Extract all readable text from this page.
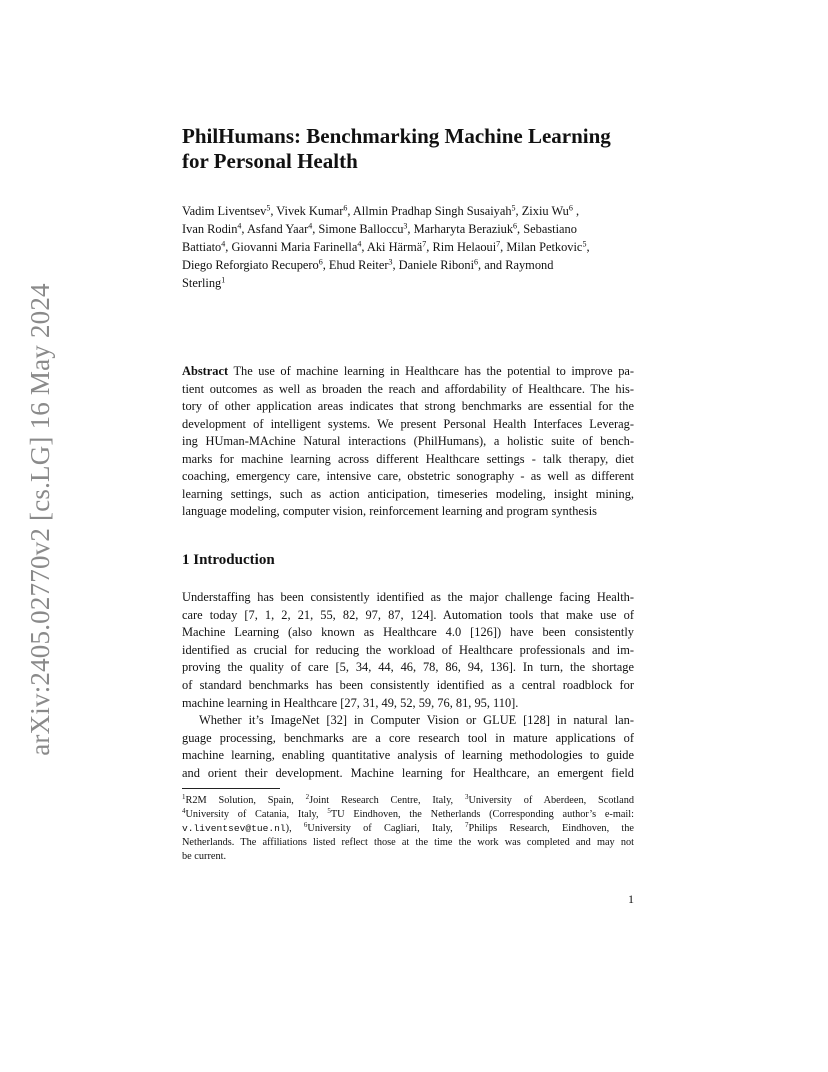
arXiv:2405.02770v2 [cs.LG] 16 May 2024
PhilHumans: Benchmarking Machine Learning
for Personal Health
Vadim Liventsev$^5$, Vivek Kumar$^6$, Allmin Pradhap Singh Susaiyah$^5$, Zixiu Wu$^6$ ,
Ivan Rodin$^4$, Asfand Yaar$^4$, Simone Balloccu$^3$, Marharyta Beraziuk$^6$, Sebastiano
Battiato$^4$, Giovanni Maria Farinella$^4$, Aki Härmä$^7$, Rim Helaoui$^7$, Milan Petkovic$^5$,
Diego Reforgiato Recupero$^6$, Ehud Reiter$^3$, Daniele Riboni$^6$, and Raymond
Sterling$^1$
Abstract The use of machine learning in Healthcare has the potential to improve pa-
tient outcomes as well as broaden the reach and affordability of Healthcare. The his-
tory of other application areas indicates that strong benchmarks are essential for the
development of intelligent systems. We present Personal Health Interfaces Leverag-
ing HUman-MAchine Natural interactions (PhilHumans), a holistic suite of bench-
marks for machine learning across different Healthcare settings - talk therapy, diet
coaching, emergency care, intensive care, obstetric sonography - as well as different
learning settings, such as action anticipation, timeseries modeling, insight mining,
language modeling, computer vision, reinforcement learning and program synthesis
1 Introduction
Understaffing has been consistently identified as the major challenge facing Health-
care today [7, 1, 2, 21, 55, 82, 97, 87, 124]. Automation tools that make use of
Machine Learning (also known as Healthcare 4.0 [126]) have been consistently
identified as crucial for reducing the workload of Healthcare professionals and im-
proving the quality of care [5, 34, 44, 46, 78, 86, 94, 136]. In turn, the shortage
of standard benchmarks has been consistently identified as a central roadblock for
machine learning in Healthcare [27, 31, 49, 52, 59, 76, 81, 95, 110].
Whether it’s ImageNet [32] in Computer Vision or GLUE [128] in natural lan-
guage processing, benchmarks are a core research tool in mature applications of
machine learning, enabling quantitative analysis of learning methodologies to guide
and orient their development. Machine learning for Healthcare, an emergent field
$^1$R2M Solution, Spain, $^2$Joint Research Centre, Italy, $^3$University of Aberdeen, Scotland
$^4$University of Catania, Italy, $^5$TU Eindhoven, the Netherlands (Corresponding author’s e-mail:
v.liventsev@tue.nl), $^6$University of Cagliari, Italy, $^7$Philips Research, Eindhoven, the
Netherlands. The affiliations listed reflect those at the time the work was completed and may not
be current.
1
